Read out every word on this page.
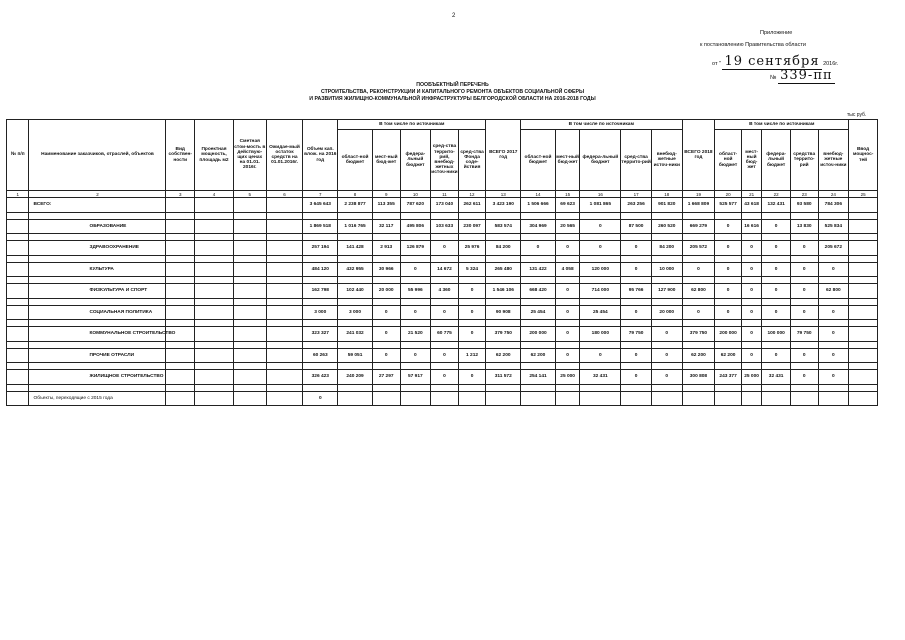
2
Приложение
к постановлению Правительства области
от " 19 сентября 2016г.
№ 339-пп
ПООБЪЕКТНЫЙ ПЕРЕЧЕНЬ
СТРОИТЕЛЬСТВА, РЕКОНСТРУКЦИИ И КАПИТАЛЬНОГО РЕМОНТА ОБЪЕКТОВ СОЦИАЛЬНОЙ СФЕРЫ
И РАЗВИТИЯ ЖИЛИЩНО-КОММУНАЛЬНОЙ ИНФРАСТРУКТУРЫ БЕЛГОРОДСКОЙ ОБЛАСТИ НА 2016-2018 ГОДЫ
тыс руб.
№ п/п	Наименование заказчиков, отраслей, объектов	Вид собствен-ности	Проектная мощность, площадь м2	Сметная стои-мость в действую-щих ценах на 01.01. 2016г.	Ожидае-мый остаток средств на 01.01.2016г.	Объем кап. влож. на 2016 год	В том числе по источникам					ВСЕГО 2017 год	В том числе по источникам					ВСЕГО 2018 год	В том числе по источникам					Ввод мощнос-тей
							област-ной бюджет	мест-ный бюд-жет	федера-льный бюджет	сред-ства террито-рий, внебюд-жетных источ-ники	сред-ства Фонда соде-йствия		област-ной бюджет	мест-ный бюд-жет	федера-льный бюджет	сред-ства террито-рий	внебюд-жетные источ-ники		област-ной бюджет	мест-ный бюд-жет	федера-льный бюджет	средства террито-рий	внебюд-жетные источ-ники	
1	2	3	4	5	6	7	8	9	10	11	12	13	14	15	16	17	18	19	20	21	22	23	24	25
	ВСЕГО:					3 645 643	2 238 877	113 355	787 620	173 040	262 611	3 423 190	1 506 666	69 623	1 081 865	263 256	901 820	1 668 809	525 577	43 618	132 431	93 580	784 306	

	ОБРАЗОВАНИЕ					1 869 518	1 016 765	32 117	495 806	103 633	230 097	583 574	304 969	20 565	0	87 500	260 520	669 279	0	16 616	0	13 830	525 834	

	ЗДРАВООХРАНЕНИЕ					257 194	141 428	2 913	126 879	0	25 976	84 200	0	0	0	0	84 200	205 572	0	0	0	0	205 672	

	КУЛЬТУРА					484 120	432 955	30 966	0	14 672	5 324	265 480	131 422	4 058	120 000	0	10 000	0	0	0	0	0	0	

	ФИЗКУЛЬТУРА И СПОРТ					162 798	102 440	20 000	55 996	4 360	0	1 546 106	668 420	0	714 000	95 766	127 900	62 800	0	0	0	0	62 800	

	СОЦИАЛЬНАЯ ПОЛИТИКА					3 000	3 000	0	0	0	0	90 908	25 454	0	25 454	0	20 000	0	0	0	0	0	0	

	КОММУНАЛЬНОЕ СТРОИТЕЛЬСТВО					323 327	241 032	0	21 520	60 775	0	379 750	200 000	0	180 000	79 750	0	379 750	200 000	0	100 000	79 750	0	

	ПРОЧИЕ ОТРАСЛИ					60 263	59 051	0	0	0	1 212	62 200	62 200	0	0	0	0	62 200	62 200	0	0	0	0	

	ЖИЛИЩНОЕ СТРОИТЕЛЬСТВО					326 423	240 209	27 297	57 917	0	0	311 572	254 141	25 000	32 431	0	0	300 808	243 377	25 000	32 431	0	0	

	Объекты, переходящие с 2015 года					0																		
